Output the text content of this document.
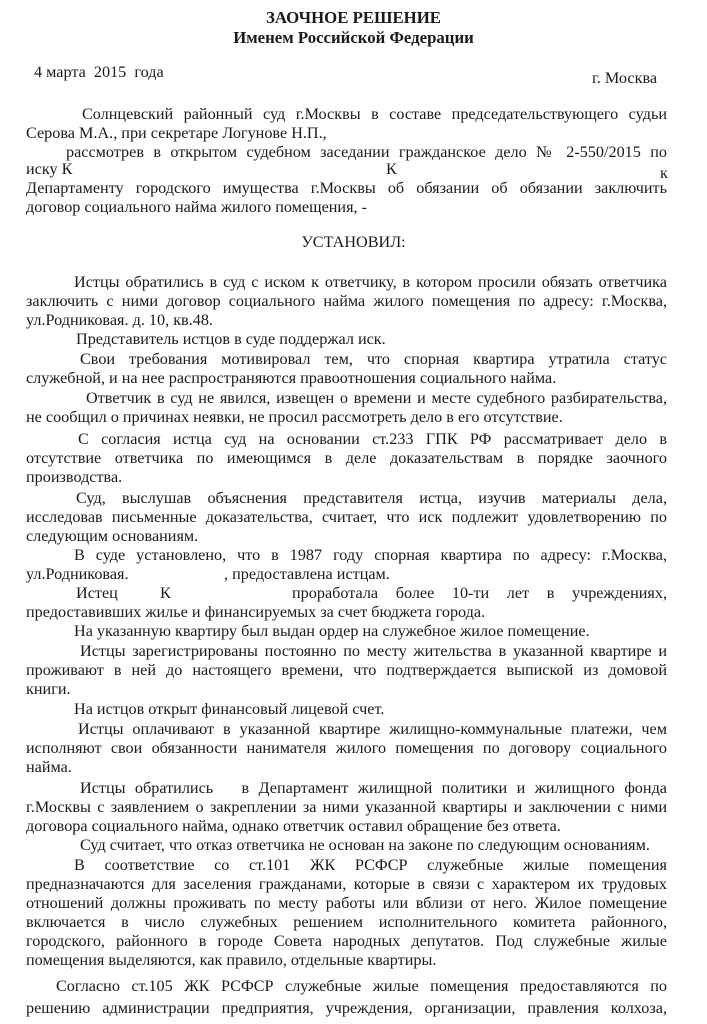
ЗАОЧНОЕ РЕШЕНИЕ
Именем Российской Федерации
4 марта  2015  года	г. Москва
Солнцевский районный суд г.Москвы в составе председательствующего судьи
Серова М.А., при секретаре Логунове Н.П.,
рассмотрев в открытом судебном заседании гражданское дело № 2-550/2015 по
иску К	К	к
Департаменту городского имущества г.Москвы об обязании об обязании заключить
договор социального найма жилого помещения, -
УСТАНОВИЛ:
Истцы обратились в суд с иском к ответчику, в котором просили обязать ответчика
заключить с ними договор социального найма жилого помещения по адресу: г.Москва,
ул.Родниковая. д. 10, кв.48.
Представитель истцов в суде поддержал иск.
Свои требования мотивировал тем, что спорная квартира утратила статус
служебной, и на нее распространяются правоотношения социального найма.
Ответчик в суд не явился, извещен о времени и месте судебного разбирательства,
не сообщил о причинах неявки, не просил рассмотреть дело в его отсутствие.
С согласия истца суд на основании ст.233 ГПК РФ рассматривает дело в
отсутствие ответчика по имеющимся в деле доказательствам в порядке заочного
производства.
Суд, выслушав объяснения представителя истца, изучив материалы дела,
исследовав письменные доказательства, считает, что иск подлежит удовлетворению по
следующим основаниям.
В суде установлено, что в 1987 году спорная квартира по адресу: г.Москва,
ул.Родниковая.	, предоставлена истцам.
Истец	К	проработала более 10-ти лет в учреждениях,
предоставивших жилье и финансируемых за счет бюджета города.
На указанную квартиру был выдан ордер на служебное жилое помещение.
Истцы зарегистрированы постоянно по месту жительства в указанной квартире и
проживают в ней до настоящего времени, что подтверждается выпиской из домовой
книги.
На истцов открыт финансовый лицевой счет.
Истцы оплачивают в указанной квартире жилищно-коммунальные платежи, чем
исполняют свои обязанности нанимателя жилого помещения по договору социального
найма.
Истцы обратились   в Департамент жилищной политики и жилищного фонда
г.Москвы с заявлением о закреплении за ними указанной квартиры и заключении с ними
договора социального найма, однако ответчик оставил обращение без ответа.
Суд считает, что отказ ответчика не основан на законе по следующим основаниям.
В соответствие со ст.101 ЖК РСФСР служебные жилые помещения
предназначаются для заселения гражданами, которые в связи с характером их трудовых
отношений должны проживать по месту работы или вблизи от него. Жилое помещение
включается в число служебных решением исполнительного комитета районного,
городского, районного в городе Совета народных депутатов. Под служебные жилые
помещения выделяются, как правило, отдельные квартиры.
Согласно ст.105 ЖК РСФСР служебные жилые помещения предоставляются по
решению администрации предприятия, учреждения, организации, правления колхоза,
